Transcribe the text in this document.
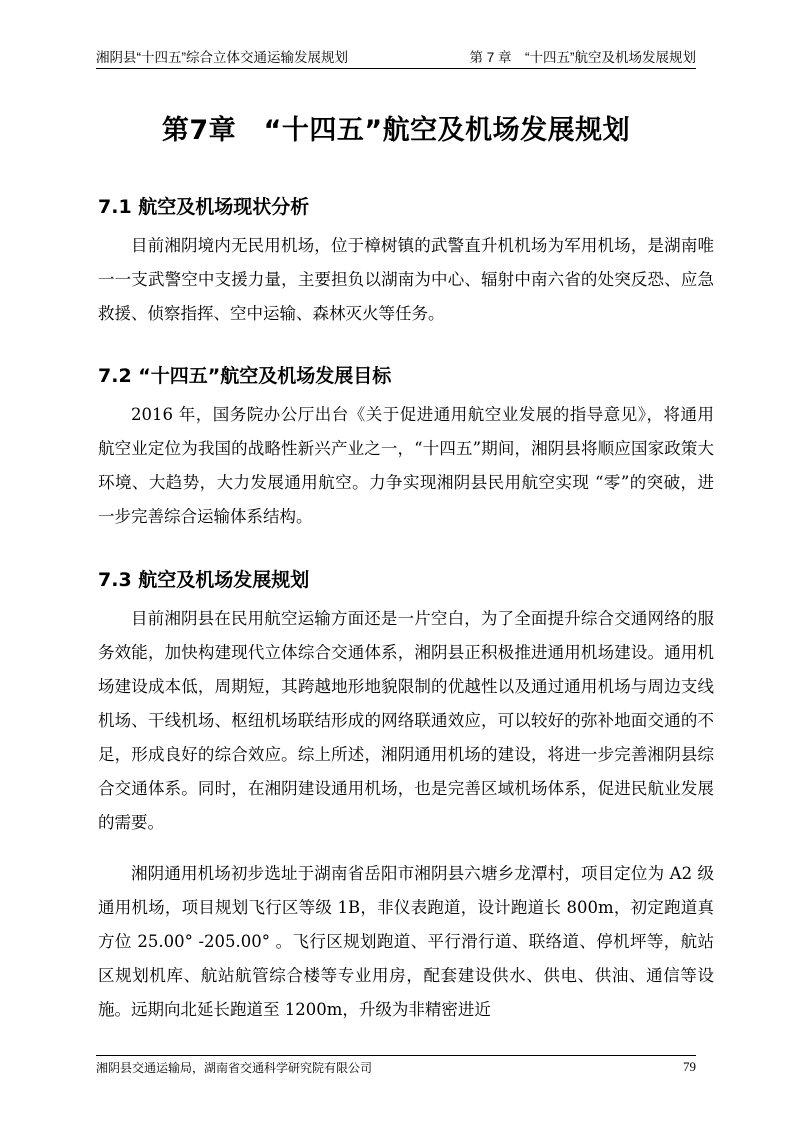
湘阴县“十四五”综合立体交通运输发展规划	第 7 章　“十四五”航空及机场发展规划
第7章　“十四五”航空及机场发展规划
7.1 航空及机场现状分析

目前湘阴境内无民用机场，位于樟树镇的武警直升机机场为军用机场，是湖南唯一一支武警空中支援力量，主要担负以湖南为中心、辐射中南六省的处突反恐、应急救援、侦察指挥、空中运输、森林灭火等任务。

7.2 “十四五”航空及机场发展目标

2016 年，国务院办公厅出台《关于促进通用航空业发展的指导意见》，将通用航空业定位为我国的战略性新兴产业之一，“十四五”期间，湘阴县将顺应国家政策大环境、大趋势，大力发展通用航空。力争实现湘阴县民用航空实现 “零”的突破，进一步完善综合运输体系结构。

7.3 航空及机场发展规划

目前湘阴县在民用航空运输方面还是一片空白，为了全面提升综合交通网络的服务效能，加快构建现代立体综合交通体系，湘阴县正积极推进通用机场建设。通用机场建设成本低，周期短，其跨越地形地貌限制的优越性以及通过通用机场与周边支线机场、干线机场、枢纽机场联结形成的网络联通效应，可以较好的弥补地面交通的不足，形成良好的综合效应。综上所述，湘阴通用机场的建设，将进一步完善湘阴县综合交通体系。同时，在湘阴建设通用机场，也是完善区域机场体系，促进民航业发展的需要。

湘阴通用机场初步选址于湖南省岳阳市湘阴县六塘乡龙潭村，项目定位为 A2 级通用机场，项目规划飞行区等级 1B，非仪表跑道，设计跑道长 800m，初定跑道真方位 25.00° -205.00° 。飞行区规划跑道、平行滑行道、联络道、停机坪等，航站区规划机库、航站航管综合楼等专业用房，配套建设供水、供电、供油、通信等设施。远期向北延长跑道至 1200m，升级为非精密进近

湘阴县交通运输局，湖南省交通科学研究院有限公司	79
